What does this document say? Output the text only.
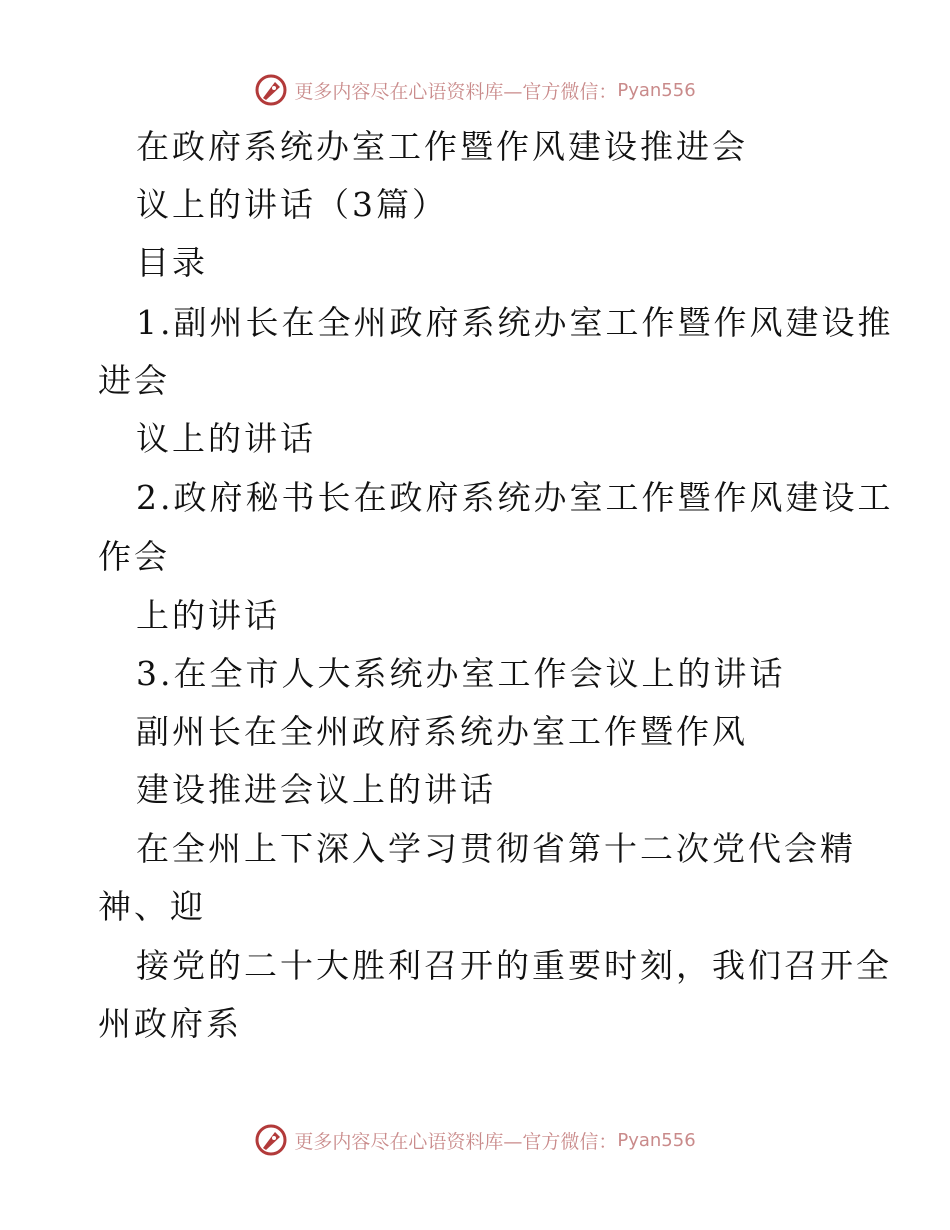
更多内容尽在心语资料库—官方微信： Pyan556
在政府系统办室工作暨作风建设推进会
议上的讲话（3篇）
目录
1.副州长在全州政府系统办室工作暨作风建设推
进会
议上的讲话
2.政府秘书长在政府系统办室工作暨作风建设工
作会
上的讲话
3.在全市人大系统办室工作会议上的讲话
副州长在全州政府系统办室工作暨作风
建设推进会议上的讲话
在全州上下深入学习贯彻省第十二次党代会精
神、迎
接党的二十大胜利召开的重要时刻，我们召开全
州政府系
更多内容尽在心语资料库—官方微信： Pyan556
